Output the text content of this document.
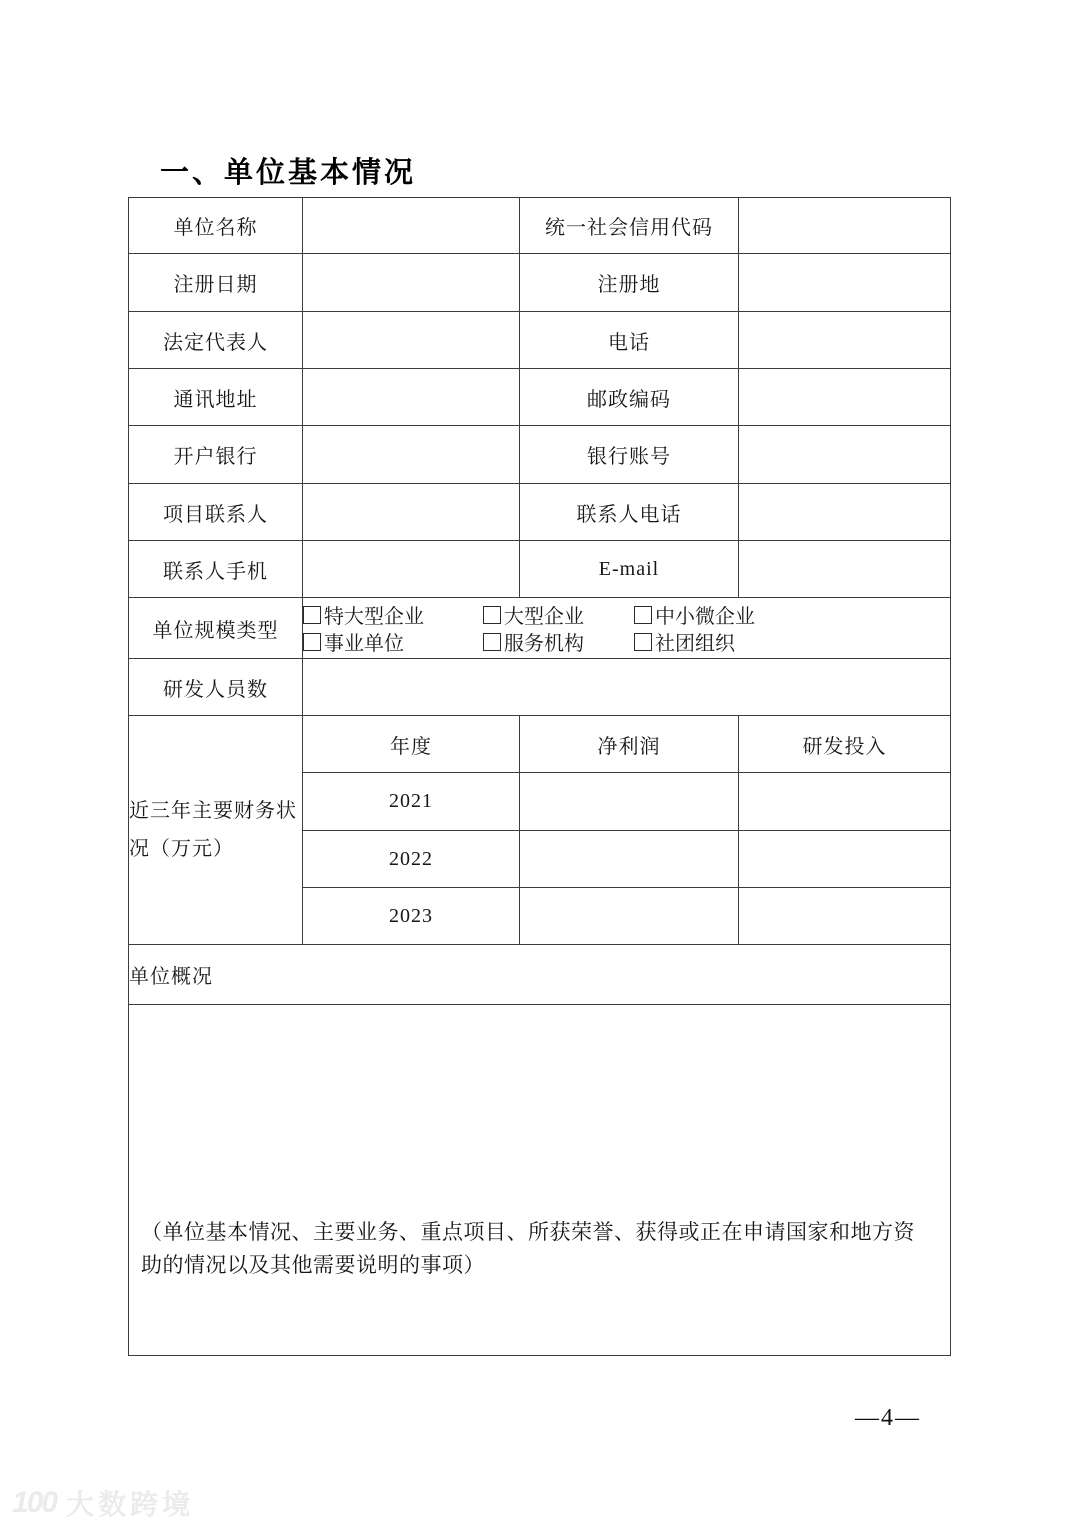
一、单位基本情况
单位名称		统一社会信用代码	
注册日期		注册地	
法定代表人		电话	
通讯地址		邮政编码	
开户银行		银行账号	
项目联系人		联系人电话	
联系人手机		E-mail	
单位规模类型	
特大型企业	大型企业	中小微企业
事业单位	服务机构	社团组织

研发人员数			
近三年主要财务状况（万元）	年度	净利润	研发投入
	2021		
	2022		
	2023		
单位概况			

（单位基本情况、主要业务、重点项目、所获荣誉、获得或正在申请国家和地方资助的情况以及其他需要说明的事项）			
—4—
100 大数跨境
